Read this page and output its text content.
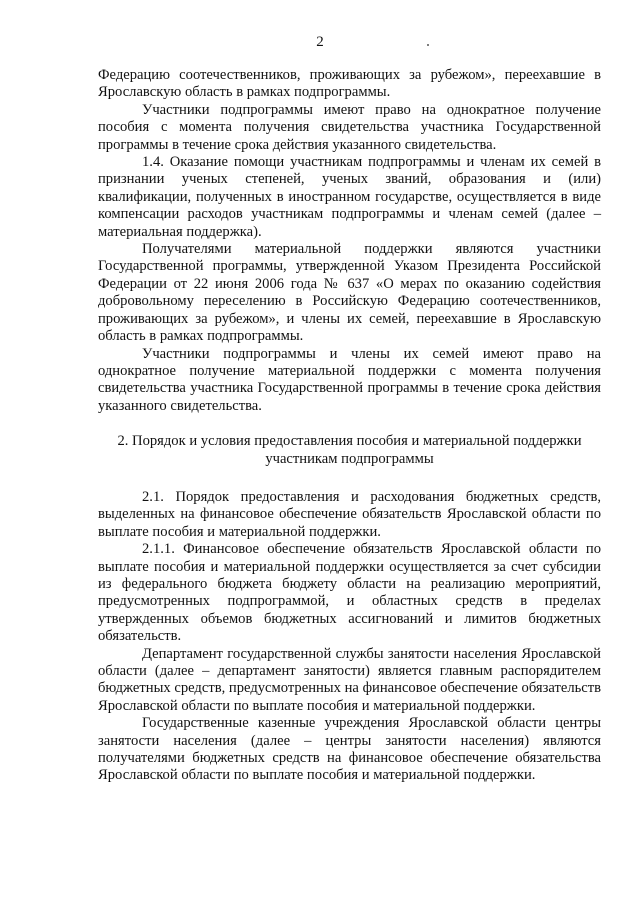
2

Федерацию соотечественников, проживающих за рубежом», переехавшие в Ярославскую область в рамках подпрограммы.

Участники подпрограммы имеют право на однократное получение пособия с момента получения свидетельства участника Государственной программы в течение срока действия указанного свидетельства.

1.4. Оказание помощи участникам подпрограммы и членам их семей в признании ученых степеней, ученых званий, образования и (или) квалификации, полученных в иностранном государстве, осуществляется в виде компенсации расходов участникам подпрограммы и членам семей (далее – материальная поддержка).

Получателями материальной поддержки являются участники Государственной программы, утвержденной Указом Президента Российской Федерации от 22 июня 2006 года № 637 «О мерах по оказанию содействия добровольному переселению в Российскую Федерацию соотечественников, проживающих за рубежом», и члены их семей, переехавшие в Ярославскую область в рамках подпрограммы.

Участники подпрограммы и члены их семей имеют право на однократное получение материальной поддержки с момента получения свидетельства участника Государственной программы в течение срока действия указанного свидетельства.

2. Порядок и условия предоставления пособия и материальной поддержки
участникам подпрограммы

2.1. Порядок предоставления и расходования бюджетных средств, выделенных на финансовое обеспечение обязательств Ярославской области по выплате пособия и материальной поддержки.

2.1.1. Финансовое обеспечение обязательств Ярославской области по выплате пособия и материальной поддержки осуществляется за счет субсидии из федерального бюджета бюджету области на реализацию мероприятий, предусмотренных подпрограммой, и областных средств в пределах утвержденных объемов бюджетных ассигнований и лимитов бюджетных обязательств.

Департамент государственной службы занятости населения Ярославской области (далее – департамент занятости) является главным распорядителем бюджетных средств, предусмотренных на финансовое обеспечение обязательств Ярославской области по выплате пособия и материальной поддержки.

Государственные казенные учреждения Ярославской области центры занятости населения (далее – центры занятости населения) являются получателями бюджетных средств на финансовое обеспечение обязательства Ярославской области по выплате пособия и материальной поддержки.
